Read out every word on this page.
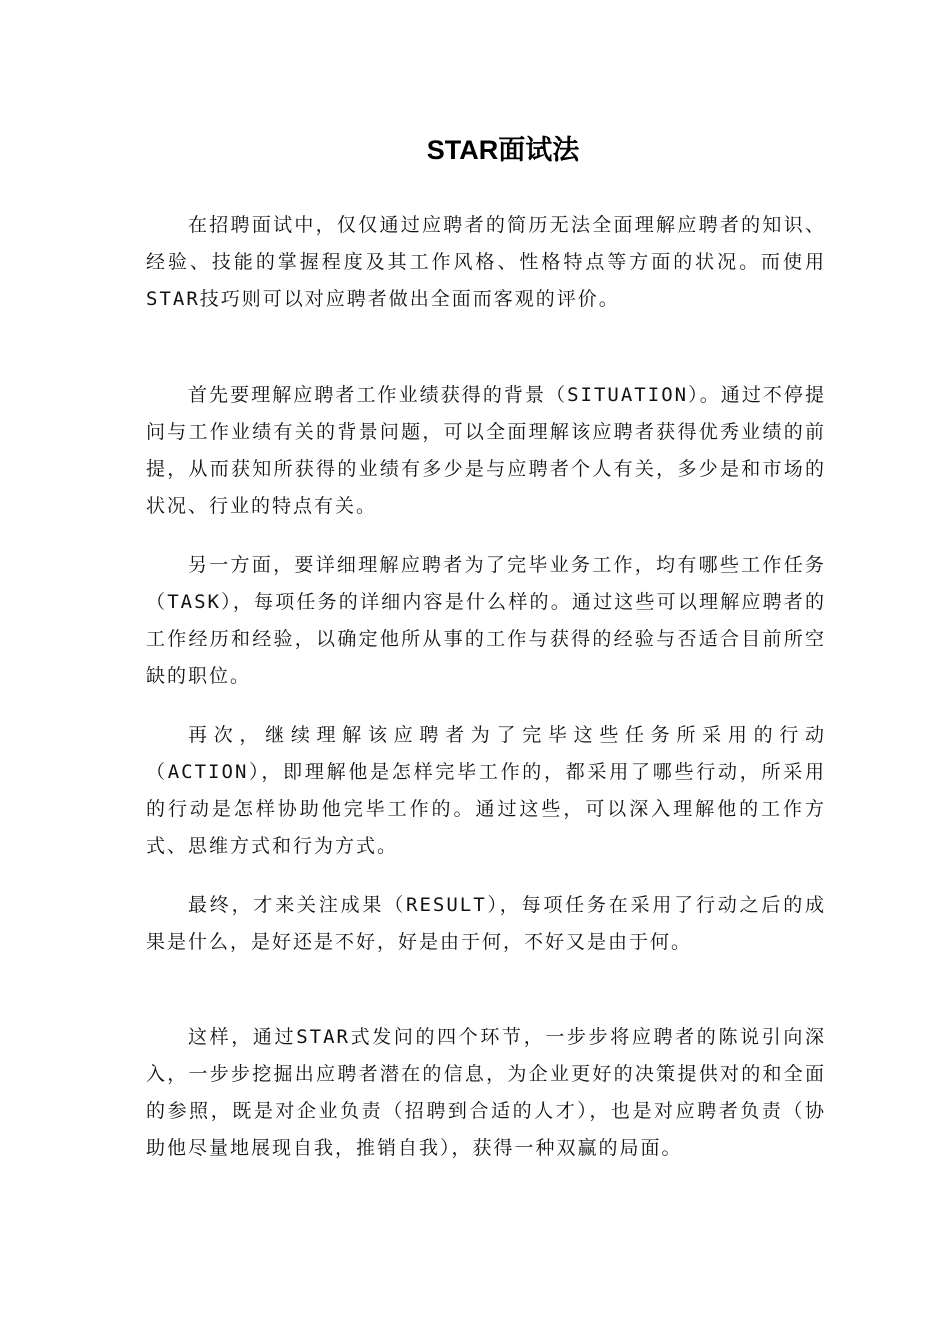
STAR面试法

在招聘面试中，仅仅通过应聘者的简历无法全面理解应聘者的知识、经验、技能的掌握程度及其工作风格、性格特点等方面的状况。而使用STAR技巧则可以对应聘者做出全面而客观的评价。

首先要理解应聘者工作业绩获得的背景（SITUATION）。通过不停提问与工作业绩有关的背景问题，可以全面理解该应聘者获得优秀业绩的前提，从而获知所获得的业绩有多少是与应聘者个人有关，多少是和市场的状况、行业的特点有关。

另一方面，要详细理解应聘者为了完毕业务工作，均有哪些工作任务（TASK），每项任务的详细内容是什么样的。通过这些可以理解应聘者的工作经历和经验，以确定他所从事的工作与获得的经验与否适合目前所空缺的职位。

再次，继续理解该应聘者为了完毕这些任务所采用的行动（ACTION），即理解他是怎样完毕工作的，都采用了哪些行动，所采用的行动是怎样协助他完毕工作的。通过这些，可以深入理解他的工作方式、思维方式和行为方式。

最终，才来关注成果（RESULT），每项任务在采用了行动之后的成果是什么，是好还是不好，好是由于何，不好又是由于何。

这样，通过STAR式发问的四个环节，一步步将应聘者的陈说引向深入，一步步挖掘出应聘者潜在的信息，为企业更好的决策提供对的和全面的参照，既是对企业负责（招聘到合适的人才），也是对应聘者负责（协助他尽量地展现自我，推销自我），获得一种双赢的局面。
